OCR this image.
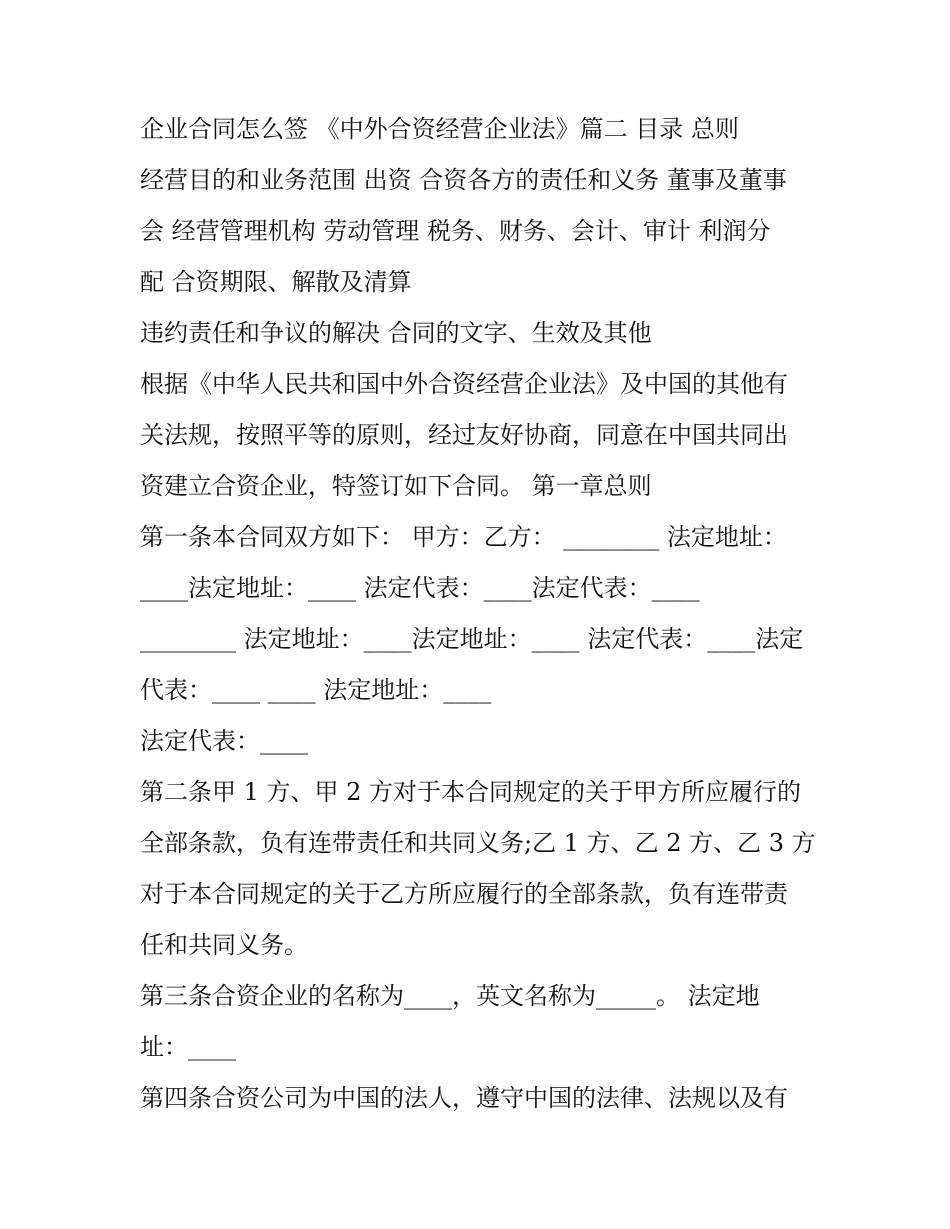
企业合同怎么签 《中外合资经营企业法》篇二 目录 总则
经营目的和业务范围 出资 合资各方的责任和义务 董事及董事
会 经营管理机构 劳动管理 税务、财务、会计、审计 利润分
配 合资期限、解散及清算
违约责任和争议的解决 合同的文字、生效及其他
根据《中华人民共和国中外合资经营企业法》及中国的其他有
关法规，按照平等的原则，经过友好协商，同意在中国共同出
资建立合资企业，特签订如下合同。 第一章总则
第一条本合同双方如下： 甲方：乙方： ________ 法定地址：
____法定地址：____ 法定代表：____法定代表：____
________ 法定地址：____法定地址：____ 法定代表：____法定
代表：____ ____ 法定地址：____
法定代表：____
第二条甲 1 方、甲 2 方对于本合同规定的关于甲方所应履行的
全部条款，负有连带责任和共同义务;乙 1 方、乙 2 方、乙 3 方
对于本合同规定的关于乙方所应履行的全部条款，负有连带责
任和共同义务。
第三条合资企业的名称为____，英文名称为_____。 法定地
址：____
第四条合资公司为中国的法人，遵守中国的法律、法规以及有
